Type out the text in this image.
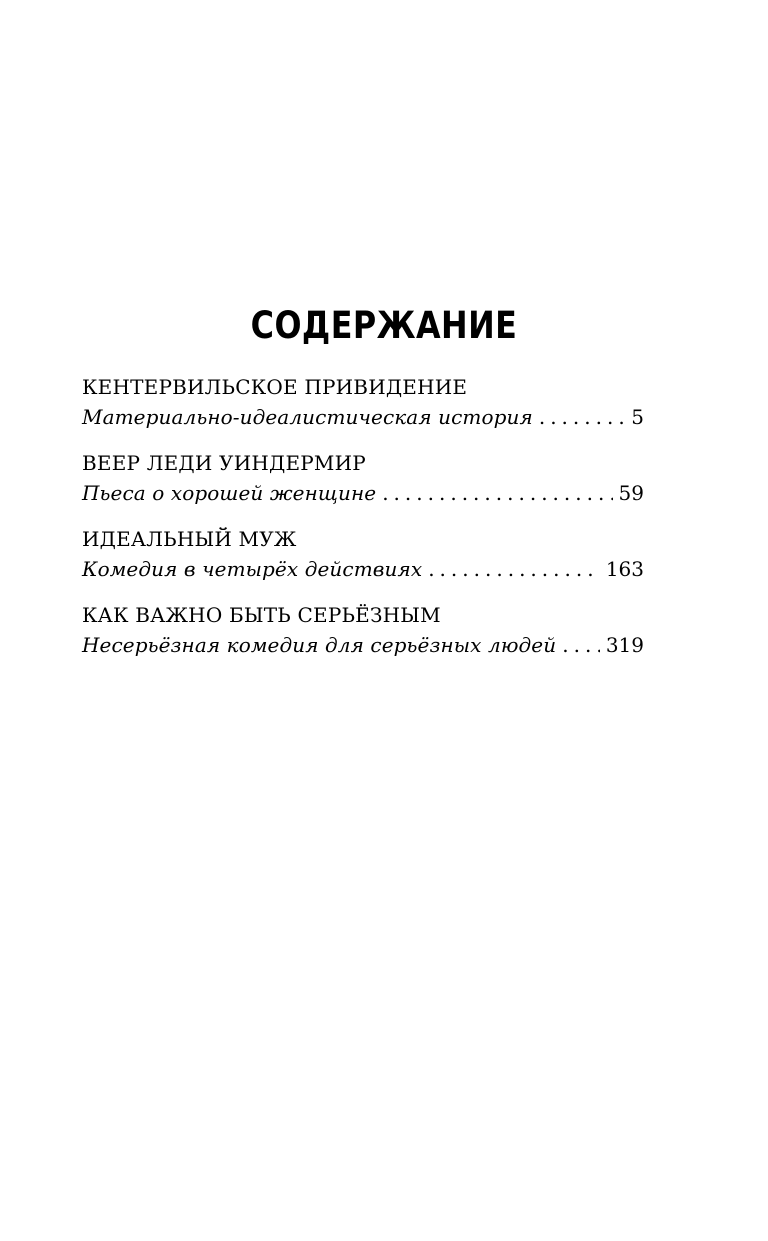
СОДЕРЖАНИЕ
КЕНТЕРВИЛЬСКОЕ ПРИВИДЕНИЕ
Материально-идеалистическая история .....	5
ВЕЕР ЛЕДИ УИНДЕРМИР
Пьеса о хорошей женщине .....	59
ИДЕАЛЬНЫЙ МУЖ
Комедия в четырёх действиях .....	163
КАК ВАЖНО БЫТЬ СЕРЬЁЗНЫМ
Несерьёзная комедия для серьёзных людей ..... 319
